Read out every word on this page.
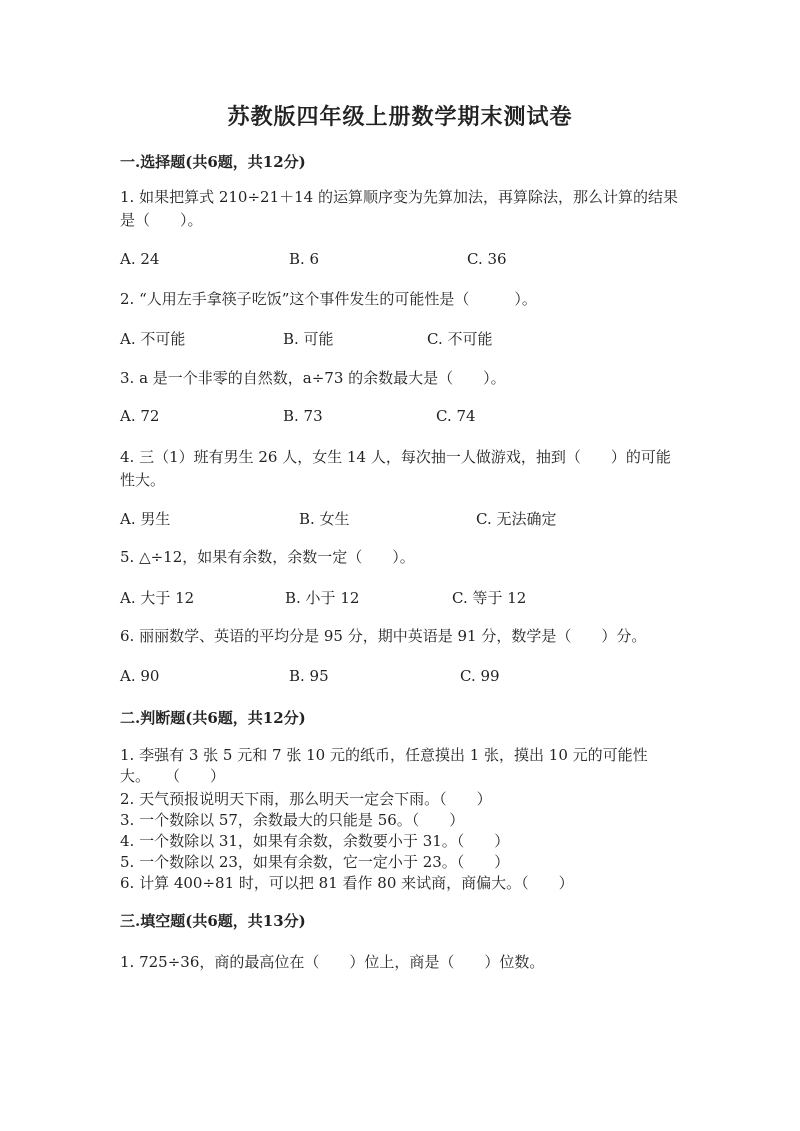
苏教版四年级上册数学期末测试卷
一.选择题(共6题，共12分)
1. 如果把算式 210÷21＋14 的运算顺序变为先算加法，再算除法，那么计算的结果是（　　）。
A. 24	B. 6	C. 36
2. “人用左手拿筷子吃饭”这个事件发生的可能性是（　　　）。
A. 不可能	B. 可能	C. 不可能
3. a 是一个非零的自然数，a÷73 的余数最大是（　　）。
A. 72	B. 73	C. 74
4. 三（1）班有男生 26 人，女生 14 人，每次抽一人做游戏，抽到（　　）的可能性大。
A. 男生	B. 女生	C. 无法确定
5. △÷12，如果有余数，余数一定（　　）。
A. 大于 12	B. 小于 12	C. 等于 12
6. 丽丽数学、英语的平均分是 95 分，期中英语是 91 分，数学是（　　）分。
A. 90	B. 95	C. 99
二.判断题(共6题，共12分)
1. 李强有 3 张 5 元和 7 张 10 元的纸币，任意摸出 1 张，摸出 10 元的可能性大。　　（　　）
2. 天气预报说明天下雨，那么明天一定会下雨。（　　）
3. 一个数除以 57，余数最大的只能是 56。（　　）
4. 一个数除以 31，如果有余数，余数要小于 31。（　　）
5. 一个数除以 23，如果有余数，它一定小于 23。（　　）
6. 计算 400÷81 时，可以把 81 看作 80 来试商，商偏大。（　　）
三.填空题(共6题，共13分)
1. 725÷36，商的最高位在（　　）位上，商是（　　）位数。
